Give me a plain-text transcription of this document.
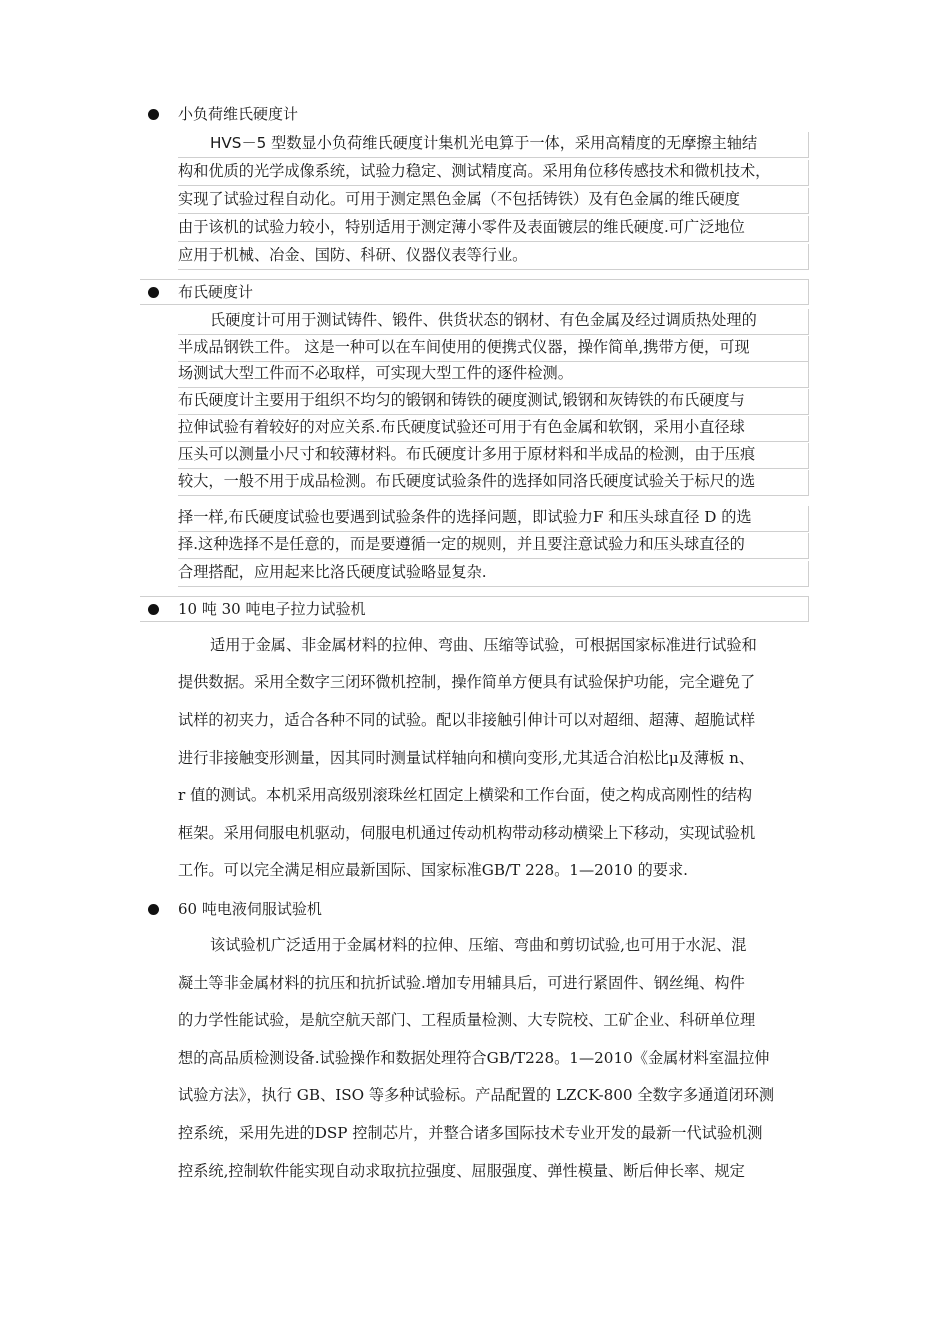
小负荷维氏硬度计
HVS－5 型数显小负荷维氏硬度计集机光电算于一体，采用高精度的无摩擦主轴结
构和优质的光学成像系统，试验力稳定、测试精度高。采用角位移传感技术和微机技术，
实现了试验过程自动化。可用于测定黑色金属（不包括铸铁）及有色金属的维氏硬度
由于该机的试验力较小，特别适用于测定薄小零件及表面镀层的维氏硬度.可广泛地位
应用于机械、冶金、国防、科研、仪器仪表等行业。
布氏硬度计
氏硬度计可用于测试铸件、锻件、供货状态的钢材、有色金属及经过调质热处理的
半成品钢铁工件。 这是一种可以在车间使用的便携式仪器，操作简单,携带方便，可现
场测试大型工件而不必取样，可实现大型工件的逐件检测。
布氏硬度计主要用于组织不均匀的锻钢和铸铁的硬度测试,锻钢和灰铸铁的布氏硬度与
拉伸试验有着较好的对应关系.布氏硬度试验还可用于有色金属和软钢，采用小直径球
压头可以测量小尺寸和较薄材料。布氏硬度计多用于原材料和半成品的检测，由于压痕
较大，一般不用于成品检测。布氏硬度试验条件的选择如同洛氏硬度试验关于标尺的选
择一样,布氏硬度试验也要遇到试验条件的选择问题，即试验力F 和压头球直径 D 的选
择.这种选择不是任意的，而是要遵循一定的规则，并且要注意试验力和压头球直径的
合理搭配，应用起来比洛氏硬度试验略显复杂.
10 吨 30 吨电子拉力试验机
适用于金属、非金属材料的拉伸、弯曲、压缩等试验，可根据国家标准进行试验和
提供数据。采用全数字三闭环微机控制，操作简单方便具有试验保护功能，完全避免了
试样的初夹力，适合各种不同的试验。配以非接触引伸计可以对超细、超薄、超脆试样
进行非接触变形测量，因其同时测量试样轴向和横向变形,尤其适合泊松比μ及薄板 n、
r 值的测试。本机采用高级别滚珠丝杠固定上横梁和工作台面，使之构成高刚性的结构
框架。采用伺服电机驱动，伺服电机通过传动机构带动移动横梁上下移动，实现试验机
工作。可以完全满足相应最新国际、国家标准GB/T 228。1—2010 的要求.
60 吨电液伺服试验机
该试验机广泛适用于金属材料的拉伸、压缩、弯曲和剪切试验,也可用于水泥、混
凝土等非金属材料的抗压和抗折试验.增加专用辅具后，可进行紧固件、钢丝绳、构件
的力学性能试验，是航空航天部门、工程质量检测、大专院校、工矿企业、科研单位理
想的高品质检测设备.试验操作和数据处理符合GB/T228。1—2010《金属材料室温拉伸
试验方法》，执行 GB、ISO 等多种试验标。产品配置的 LZCK-800 全数字多通道闭环测
控系统，采用先进的DSP 控制芯片，并整合诸多国际技术专业开发的最新一代试验机测
控系统,控制软件能实现自动求取抗拉强度、屈服强度、弹性模量、断后伸长率、规定
